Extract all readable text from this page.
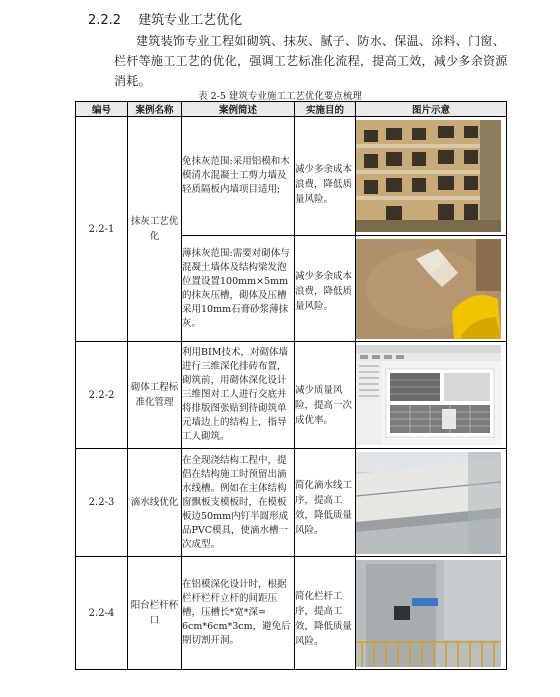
2.2.2 建筑专业工艺优化

建筑装饰专业工程如砌筑、抹灰、腻子、防水、保温、涂料、门窗、栏杆等施工工艺的优化，强调工艺标准化流程，提高工效，减少多余资源消耗。

表 2-5 建筑专业施工工艺优化要点梳理
编号	案例名称	案例简述	实施目的	图片示意
2.2-1	抹灰工艺优化	免抹灰范围:采用铝模和木模清水混凝土工剪力墙及轻质隔板内墙项目适用;	减少多余成本浪费，降低质量风险。

		薄抹灰范围:需要对砌体与混凝土墙体及结构梁发泡位置设置100mm×5mm的抹灰压槽，砌体及压槽采用10mm石膏砂浆薄抹灰。	减少多余成本浪费，降低质量风险。

2.2-2	砌体工程标准化管理	利用BIM技术，对砌体墙进行三维深化排砖布置，砌筑前，用砌体深化设计三维图对工人进行交底并将排版图张贴到待砌筑单元墙边上的结构上，指导工人砌筑。	减少质量风险，提高一次成优率。

2.2-3	滴水线优化	在全现浇结构工程中，提倡在结构施工时预留出滴水线槽。例如在主体结构窗飘板支模板时，在模板板边50mm内钉半圆形成品PVC模具，使滴水槽一次成型。	简化滴水线工序，提高工效，降低质量风险。

2.2-4	阳台栏杆杯口	在铝模深化设计时，根据栏杆栏杆立杆的间距压槽，压槽长*宽*深= 6cm*6cm*3cm，避免后期切割开洞。	简化栏杆工序，提高工效，降低质量风险。
